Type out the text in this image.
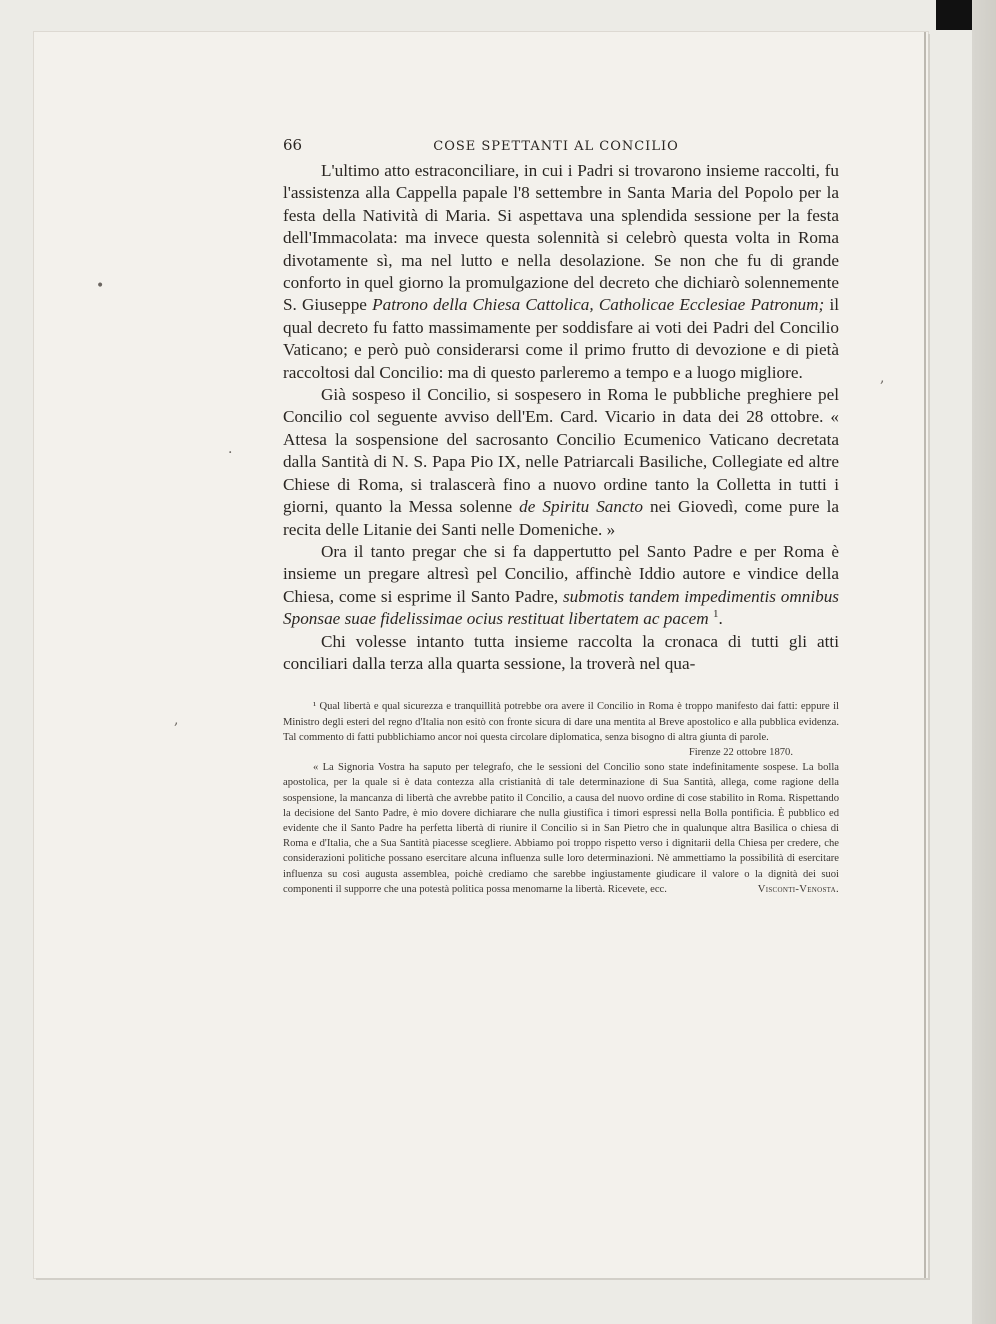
•
·
,
,
66	COSE SPETTANTI AL CONCILIO

L'ultimo atto estraconciliare, in cui i Padri si trovarono insieme raccolti, fu l'assistenza alla Cappella papale l'8 settembre in Santa Maria del Popolo per la festa della Natività di Maria. Si aspettava una splendida sessione per la festa dell'Immacolata: ma invece questa solennità si celebrò questa volta in Roma divotamente sì, ma nel lutto e nella desolazione. Se non che fu di grande conforto in quel giorno la promulgazione del decreto che dichiarò solennemente S. Giuseppe Patrono della Chiesa Cattolica, Catholicae Ecclesiae Patronum; il qual decreto fu fatto massimamente per soddisfare ai voti dei Padri del Concilio Vaticano; e però può considerarsi come il primo frutto di devozione e di pietà raccoltosi dal Concilio: ma di questo parleremo a tempo e a luogo migliore.

Già sospeso il Concilio, si sospesero in Roma le pubbliche preghiere pel Concilio col seguente avviso dell'Em. Card. Vicario in data dei 28 ottobre. « Attesa la sospensione del sacrosanto Concilio Ecumenico Vaticano decretata dalla Santità di N. S. Papa Pio IX, nelle Patriarcali Basiliche, Collegiate ed altre Chiese di Roma, si tralascerà fino a nuovo ordine tanto la Colletta in tutti i giorni, quanto la Messa solenne de Spiritu Sancto nei Giovedì, come pure la recita delle Litanie dei Santi nelle Domeniche. »

Ora il tanto pregar che si fa dappertutto pel Santo Padre e per Roma è insieme un pregare altresì pel Concilio, affinchè Iddio autore e vindice della Chiesa, come si esprime il Santo Padre, submotis tandem impedimentis omnibus Sponsae suae fidelissimae ocius restituat libertatem ac pacem $^1$.

Chi volesse intanto tutta insieme raccolta la cronaca di tutti gli atti conciliari dalla terza alla quarta sessione, la troverà nel qua-

¹ Qual libertà e qual sicurezza e tranquillità potrebbe ora avere il Concilio in Roma è troppo manifesto dai fatti: eppure il Ministro degli esteri del regno d'Italia non esitò con fronte sicura di dare una mentita al Breve apostolico e alla pubblica evidenza. Tal commento di fatti pubblichiamo ancor noi questa circolare diplomatica, senza bisogno di altra giunta di parole.

Firenze 22 ottobre 1870.

« La Signoria Vostra ha saputo per telegrafo, che le sessioni del Concilio sono state indefinitamente sospese. La bolla apostolica, per la quale si è data contezza alla cristianità di tale determinazione di Sua Santità, allega, come ragione della sospensione, la mancanza di libertà che avrebbe patito il Concilio, a causa del nuovo ordine di cose stabilito in Roma. Rispettando la decisione del Santo Padre, è mio dovere dichiarare che nulla giustifica i timori espressi nella Bolla pontificia. È pubblico ed evidente che il Santo Padre ha perfetta libertà di riunire il Concilio sì in San Pietro che in qualunque altra Basilica o chiesa di Roma e d'Italia, che a Sua Santità piacesse scegliere. Abbiamo poi troppo rispetto verso i dignitarii della Chiesa per credere, che considerazioni politiche possano esercitare alcuna influenza sulle loro determinazioni. Nè ammettiamo la possibilità di esercitare influenza su così augusta assemblea, poichè crediamo che sarebbe ingiustamente giudicare il valore o la dignità dei suoi componenti il supporre che una potestà politica possa menomarne la libertà. Ricevete, ecc.	Visconti-Venosta.
